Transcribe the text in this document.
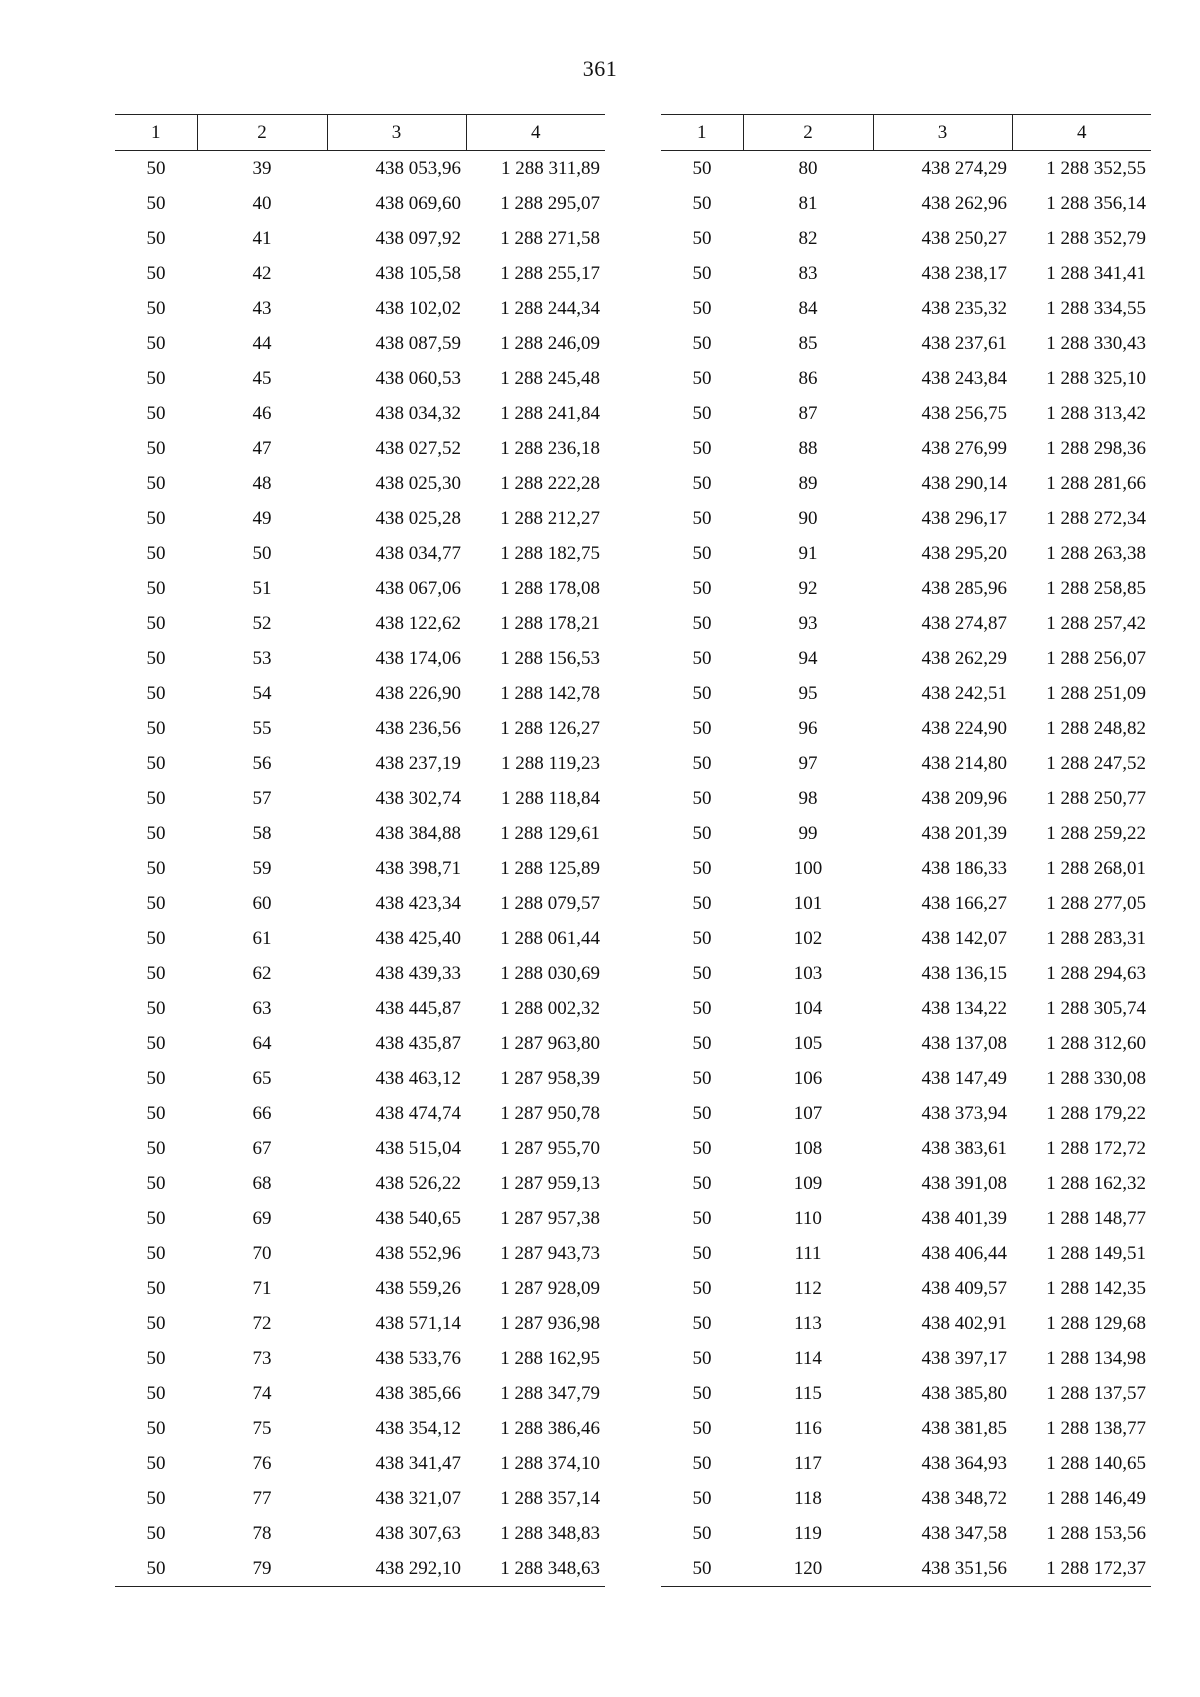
361
1	2	3	4
50	39	438 053,96	1 288 311,89
50	40	438 069,60	1 288 295,07
50	41	438 097,92	1 288 271,58
50	42	438 105,58	1 288 255,17
50	43	438 102,02	1 288 244,34
50	44	438 087,59	1 288 246,09
50	45	438 060,53	1 288 245,48
50	46	438 034,32	1 288 241,84
50	47	438 027,52	1 288 236,18
50	48	438 025,30	1 288 222,28
50	49	438 025,28	1 288 212,27
50	50	438 034,77	1 288 182,75
50	51	438 067,06	1 288 178,08
50	52	438 122,62	1 288 178,21
50	53	438 174,06	1 288 156,53
50	54	438 226,90	1 288 142,78
50	55	438 236,56	1 288 126,27
50	56	438 237,19	1 288 119,23
50	57	438 302,74	1 288 118,84
50	58	438 384,88	1 288 129,61
50	59	438 398,71	1 288 125,89
50	60	438 423,34	1 288 079,57
50	61	438 425,40	1 288 061,44
50	62	438 439,33	1 288 030,69
50	63	438 445,87	1 288 002,32
50	64	438 435,87	1 287 963,80
50	65	438 463,12	1 287 958,39
50	66	438 474,74	1 287 950,78
50	67	438 515,04	1 287 955,70
50	68	438 526,22	1 287 959,13
50	69	438 540,65	1 287 957,38
50	70	438 552,96	1 287 943,73
50	71	438 559,26	1 287 928,09
50	72	438 571,14	1 287 936,98
50	73	438 533,76	1 288 162,95
50	74	438 385,66	1 288 347,79
50	75	438 354,12	1 288 386,46
50	76	438 341,47	1 288 374,10
50	77	438 321,07	1 288 357,14
50	78	438 307,63	1 288 348,83
50	79	438 292,10	1 288 348,63
1	2	3	4
50	80	438 274,29	1 288 352,55
50	81	438 262,96	1 288 356,14
50	82	438 250,27	1 288 352,79
50	83	438 238,17	1 288 341,41
50	84	438 235,32	1 288 334,55
50	85	438 237,61	1 288 330,43
50	86	438 243,84	1 288 325,10
50	87	438 256,75	1 288 313,42
50	88	438 276,99	1 288 298,36
50	89	438 290,14	1 288 281,66
50	90	438 296,17	1 288 272,34
50	91	438 295,20	1 288 263,38
50	92	438 285,96	1 288 258,85
50	93	438 274,87	1 288 257,42
50	94	438 262,29	1 288 256,07
50	95	438 242,51	1 288 251,09
50	96	438 224,90	1 288 248,82
50	97	438 214,80	1 288 247,52
50	98	438 209,96	1 288 250,77
50	99	438 201,39	1 288 259,22
50	100	438 186,33	1 288 268,01
50	101	438 166,27	1 288 277,05
50	102	438 142,07	1 288 283,31
50	103	438 136,15	1 288 294,63
50	104	438 134,22	1 288 305,74
50	105	438 137,08	1 288 312,60
50	106	438 147,49	1 288 330,08
50	107	438 373,94	1 288 179,22
50	108	438 383,61	1 288 172,72
50	109	438 391,08	1 288 162,32
50	110	438 401,39	1 288 148,77
50	111	438 406,44	1 288 149,51
50	112	438 409,57	1 288 142,35
50	113	438 402,91	1 288 129,68
50	114	438 397,17	1 288 134,98
50	115	438 385,80	1 288 137,57
50	116	438 381,85	1 288 138,77
50	117	438 364,93	1 288 140,65
50	118	438 348,72	1 288 146,49
50	119	438 347,58	1 288 153,56
50	120	438 351,56	1 288 172,37
